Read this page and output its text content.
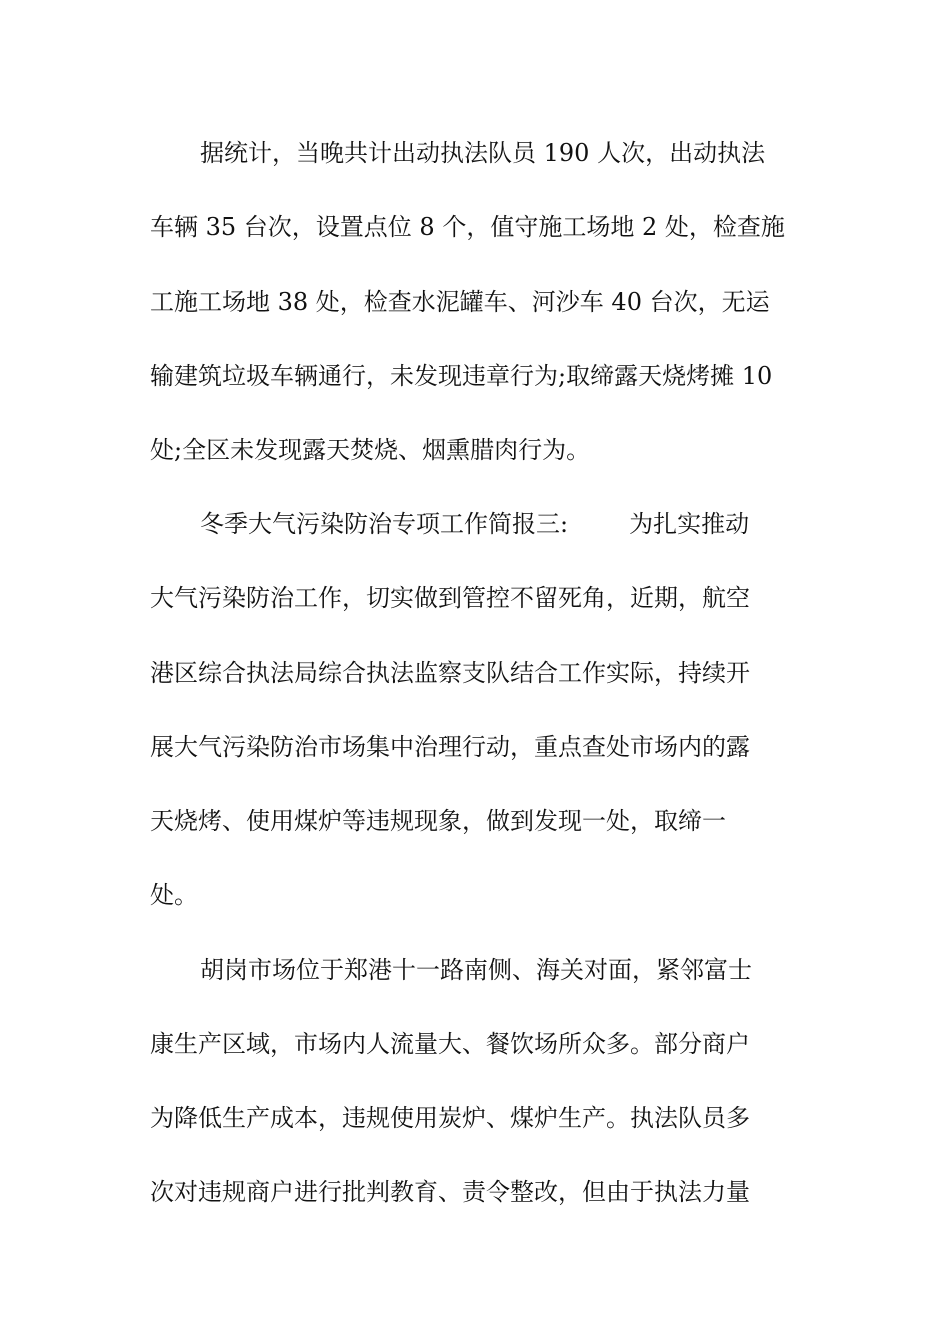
据统计，当晚共计出动执法队员 190 人次，出动执法
车辆 35 台次，设置点位 8 个，值守施工场地 2 处，检查施
工施工场地 38 处，检查水泥罐车、河沙车 40 台次，无运
输建筑垃圾车辆通行，未发现违章行为;取缔露天烧烤摊 10
处;全区未发现露天焚烧、烟熏腊肉行为。
冬季大气污染防治专项工作简报三:        为扎实推动
大气污染防治工作，切实做到管控不留死角，近期，航空
港区综合执法局综合执法监察支队结合工作实际，持续开
展大气污染防治市场集中治理行动，重点查处市场内的露
天烧烤、使用煤炉等违规现象，做到发现一处，取缔一
处。
胡岗市场位于郑港十一路南侧、海关对面，紧邻富士
康生产区域，市场内人流量大、餐饮场所众多。部分商户
为降低生产成本，违规使用炭炉、煤炉生产。执法队员多
次对违规商户进行批判教育、责令整改，但由于执法力量
